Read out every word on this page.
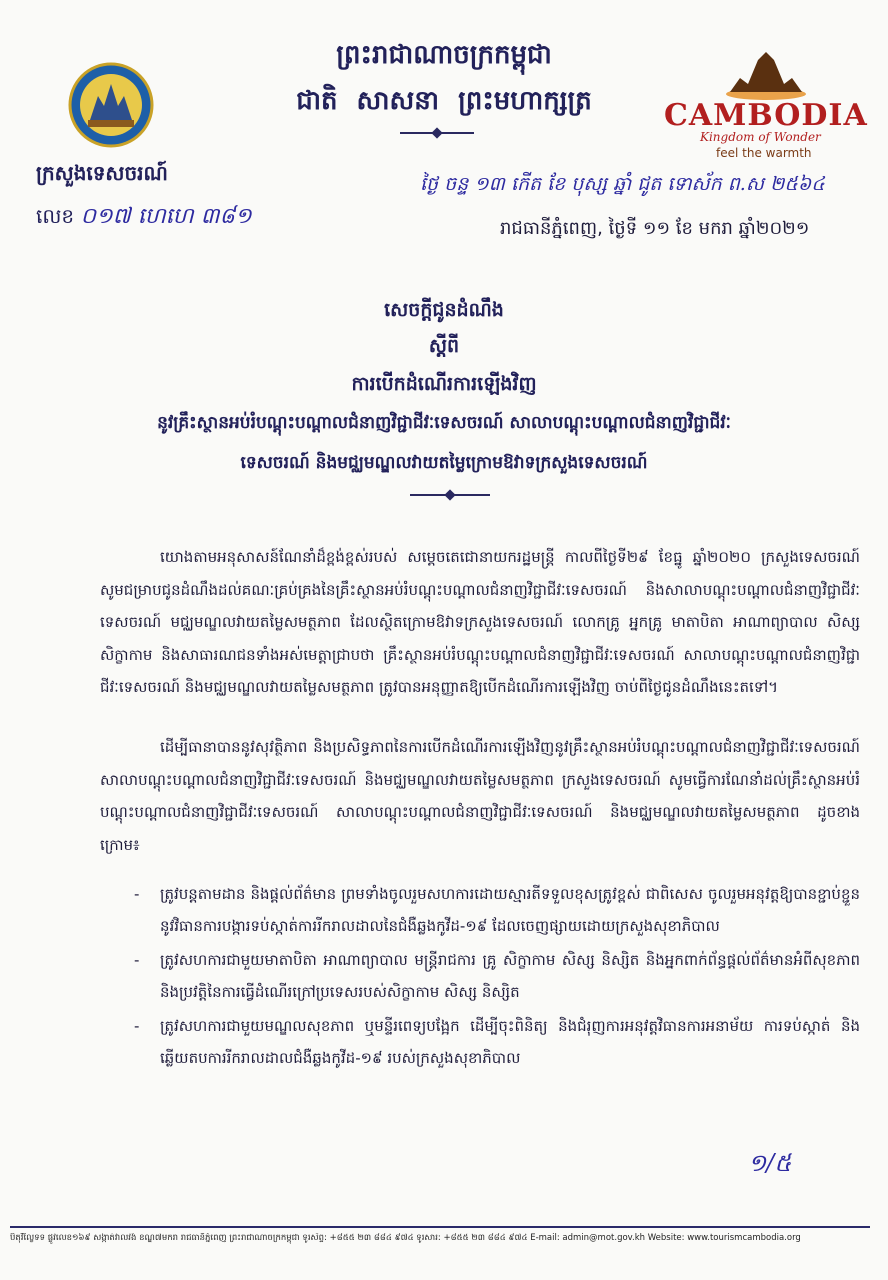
CAMBODIA
Kingdom of Wonder
feel the warmth
ព្រះរាជាណាចក្រកម្ពុជា
ជាតិ សាសនា ព្រះមហាក្សត្រ
ក្រសួងទេសចរណ៍
លេខ ០១៧ ហេហេ ៣៨១
ថ្ងៃ ចន្ទ ១៣ កើត ខែ បុស្ស ឆ្នាំ ជូត ទោស័ក ព.ស ២៥៦៤
រាជធានីភ្នំពេញ, ថ្ងៃទី ១១ ខែ មករា ឆ្នាំ២០២១
សេចក្តីជូនដំណឹង
ស្តីពី
ការបើកដំណើរការឡើងវិញ
នូវគ្រឹះស្ថានអប់រំបណ្តុះបណ្តាលជំនាញវិជ្ជាជីវៈទេសចរណ៍ សាលាបណ្តុះបណ្តាលជំនាញវិជ្ជាជីវៈ
ទេសចរណ៍ និងមជ្ឈមណ្ឌលវាយតម្លៃក្រោមឱវាទក្រសួងទេសចរណ៍
យោងតាមអនុសាសន៍ណែនាំដ៏ខ្ពង់ខ្ពស់របស់ សម្តេចតេជោនាយករដ្ឋមន្ត្រី កាលពីថ្ងៃទី២៩ ខែធ្នូ ឆ្នាំ២០២០ ក្រសួងទេសចរណ៍ សូមជម្រាបជូនដំណឹងដល់គណៈគ្រប់គ្រងនៃគ្រឹះស្ថានអប់រំបណ្តុះបណ្តាលជំនាញវិជ្ជាជីវៈទេសចរណ៍ និងសាលាបណ្តុះបណ្តាលជំនាញវិជ្ជាជីវៈទេសចរណ៍ មជ្ឈមណ្ឌលវាយតម្លៃសមត្ថភាព ដែលស្ថិតក្រោមឱវាទក្រសួងទេសចរណ៍ លោកគ្រូ អ្នកគ្រូ មាតាបិតា អាណាព្យាបាល សិស្ស សិក្ខាកាម និងសាធារណជនទាំងអស់មេត្តាជ្រាបថា គ្រឹះស្ថានអប់រំបណ្តុះបណ្តាលជំនាញវិជ្ជាជីវៈទេសចរណ៍ សាលាបណ្តុះបណ្តាលជំនាញវិជ្ជាជីវៈទេសចរណ៍ និងមជ្ឈមណ្ឌលវាយតម្លៃសមត្ថភាព ត្រូវបានអនុញ្ញាតឱ្យបើកដំណើរការឡើងវិញ ចាប់ពីថ្ងៃជូនដំណឹងនេះតទៅ។
ដើម្បីធានាបាននូវសុវត្ថិភាព និងប្រសិទ្ធភាពនៃការបើកដំណើរការឡើងវិញនូវគ្រឹះស្ថានអប់រំបណ្តុះបណ្តាលជំនាញវិជ្ជាជីវៈទេសចរណ៍ សាលាបណ្តុះបណ្តាលជំនាញវិជ្ជាជីវៈទេសចរណ៍ និងមជ្ឈមណ្ឌលវាយតម្លៃសមត្ថភាព ក្រសួងទេសចរណ៍ សូមធ្វើការណែនាំដល់គ្រឹះស្ថានអប់រំបណ្តុះបណ្តាលជំនាញវិជ្ជាជីវៈទេសចរណ៍ សាលាបណ្តុះបណ្តាលជំនាញវិជ្ជាជីវៈទេសចរណ៍ និងមជ្ឈមណ្ឌលវាយតម្លៃសមត្ថភាព ដូចខាងក្រោម៖
- ត្រូវបន្តតាមដាន និងផ្តល់ព័ត៌មាន ព្រមទាំងចូលរួមសហការដោយស្មារតីទទួលខុសត្រូវខ្ពស់ ជាពិសេស ចូលរួមអនុវត្តឱ្យបានខ្ជាប់ខ្ជួននូវវិធានការបង្ការទប់ស្កាត់ការរីករាលដាលនៃជំងឺឆ្លងកូវីដ-១៩ ដែលចេញផ្សាយដោយក្រសួងសុខាភិបាល
- ត្រូវសហការជាមួយមាតាបិតា អាណាព្យាបាល មន្ត្រីរាជការ គ្រូ សិក្ខាកាម សិស្ស និស្សិត និងអ្នកពាក់ព័ន្ធផ្តល់ព័ត៌មានអំពីសុខភាព និងប្រវត្តិនៃការធ្វើដំណើរក្រៅប្រទេសរបស់សិក្ខាកាម សិស្ស និស្សិត
- ត្រូវសហការជាមួយមណ្ឌលសុខភាព ឬមន្ទីរពេទ្យបង្អែក ដើម្បីចុះពិនិត្យ និងជំរុញការអនុវត្តវិធានការអនាម័យ ការទប់ស្កាត់ និងឆ្លើយតបការរីករាលដាលជំងឺឆ្លងកូវីដ-១៩ របស់ក្រសួងសុខាភិបាល
១/៥
ប៊ីតុវីល្ខែទទ ផ្លូវលេខ១៦៩ សង្កាត់វាលវង់ ខណ្ឌ៧មករា រាជធានីភ្នំពេញ ព្រះរាជាណាចក្រកម្ពុជា ទូរស័ព្ទ: +៨៥៥ ២៣ ៨៨៤ ៩៧៤ ទូរសារ: +៨៥៥ ២៣ ៨៨៤ ៩៧៤ E-mail: admin@mot.gov.kh Website: www.tourismcambodia.org
